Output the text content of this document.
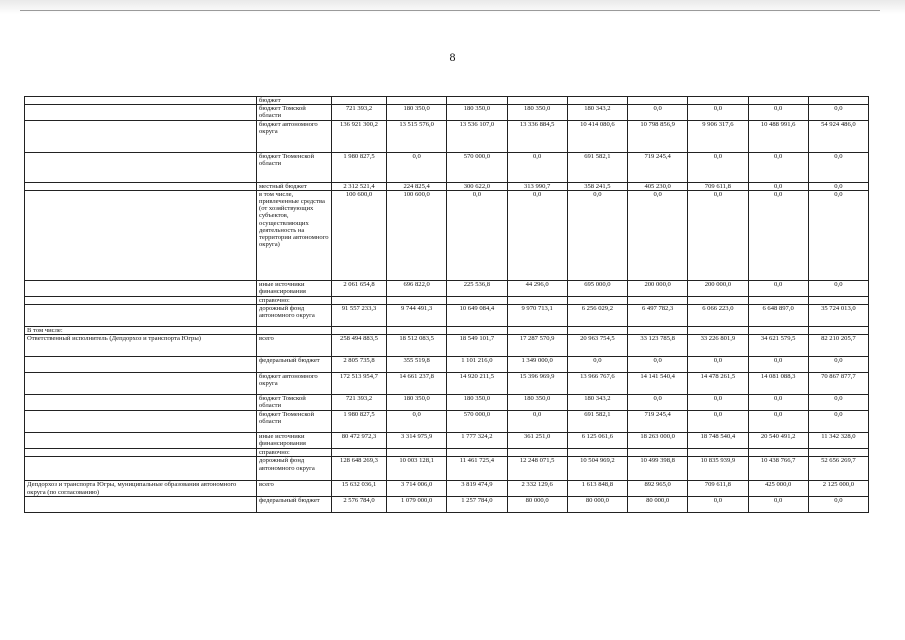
8
	бюджет									
	бюджет Томской области	721 393,2	180 350,0	180 350,0	180 350,0	180 343,2	0,0	0,0	0,0	0,0
	бюджет автономного округа	136 921 300,2	13 515 576,0	13 536 107,0	13 336 884,5	10 414 080,6	10 798 856,9	9 906 317,6	10 488 991,6	54 924 486,0
	бюджет Тюменской области	1 980 827,5	0,0	570 000,0	0,0	691 582,1	719 245,4	0,0	0,0	0,0
	местный бюджет	2 312 521,4	224 825,4	300 622,0	313 990,7	358 241,5	405 230,0	709 611,8	0,0	0,0
	в том числе, привлеченные средства (от хозяйствующих субъектов, осуществляющих деятельность на территории автономного округа)	100 600,0	100 600,0	0,0	0,0	0,0	0,0	0,0	0,0	0,0
	иные источники финансирования	2 061 654,8	696 822,0	225 536,8	44 296,0	695 000,0	200 000,0	200 000,0	0,0	0,0
	справочно:									
	дорожный фонд автономного округа	91 557 233,3	9 744 491,3	10 649 084,4	9 970 713,1	6 256 029,2	6 497 782,3	6 066 223,0	6 648 897,0	35 724 013,0
В том числе:										
Ответственный исполнитель (Депдорхоз и транспорта Югры)	всего	258 494 883,5	18 512 083,5	18 549 101,7	17 287 570,9	20 963 754,5	33 123 785,8	33 226 801,9	34 621 579,5	82 210 205,7
	федеральный бюджет	2 805 735,8	355 519,8	1 101 216,0	1 349 000,0	0,0	0,0	0,0	0,0	0,0
	бюджет автономного округа	172 513 954,7	14 661 237,8	14 920 211,5	15 396 969,9	13 966 767,6	14 141 540,4	14 478 261,5	14 081 088,3	70 867 877,7
	бюджет Томской области	721 393,2	180 350,0	180 350,0	180 350,0	180 343,2	0,0	0,0	0,0	0,0
	бюджет Тюменской области	1 980 827,5	0,0	570 000,0	0,0	691 582,1	719 245,4	0,0	0,0	0,0
	иные источники финансирования	80 472 972,3	3 314 975,9	1 777 324,2	361 251,0	6 125 061,6	18 263 000,0	18 748 540,4	20 540 491,2	11 342 328,0
	справочно:									
	дорожный фонд автономного округа	128 648 269,3	10 003 128,1	11 461 725,4	12 248 071,5	10 504 969,2	10 499 398,8	10 835 939,9	10 438 766,7	52 656 269,7
Депдорхоз и транспорта Югры, муниципальные образования автономного округа (по согласованию)	всего	15 632 036,1	3 714 006,0	3 819 474,9	2 332 129,6	1 613 848,8	892 965,0	709 611,8	425 000,0	2 125 000,0
	федеральный бюджет	2 576 784,0	1 079 000,0	1 257 784,0	80 000,0	80 000,0	80 000,0	0,0	0,0	0,0
